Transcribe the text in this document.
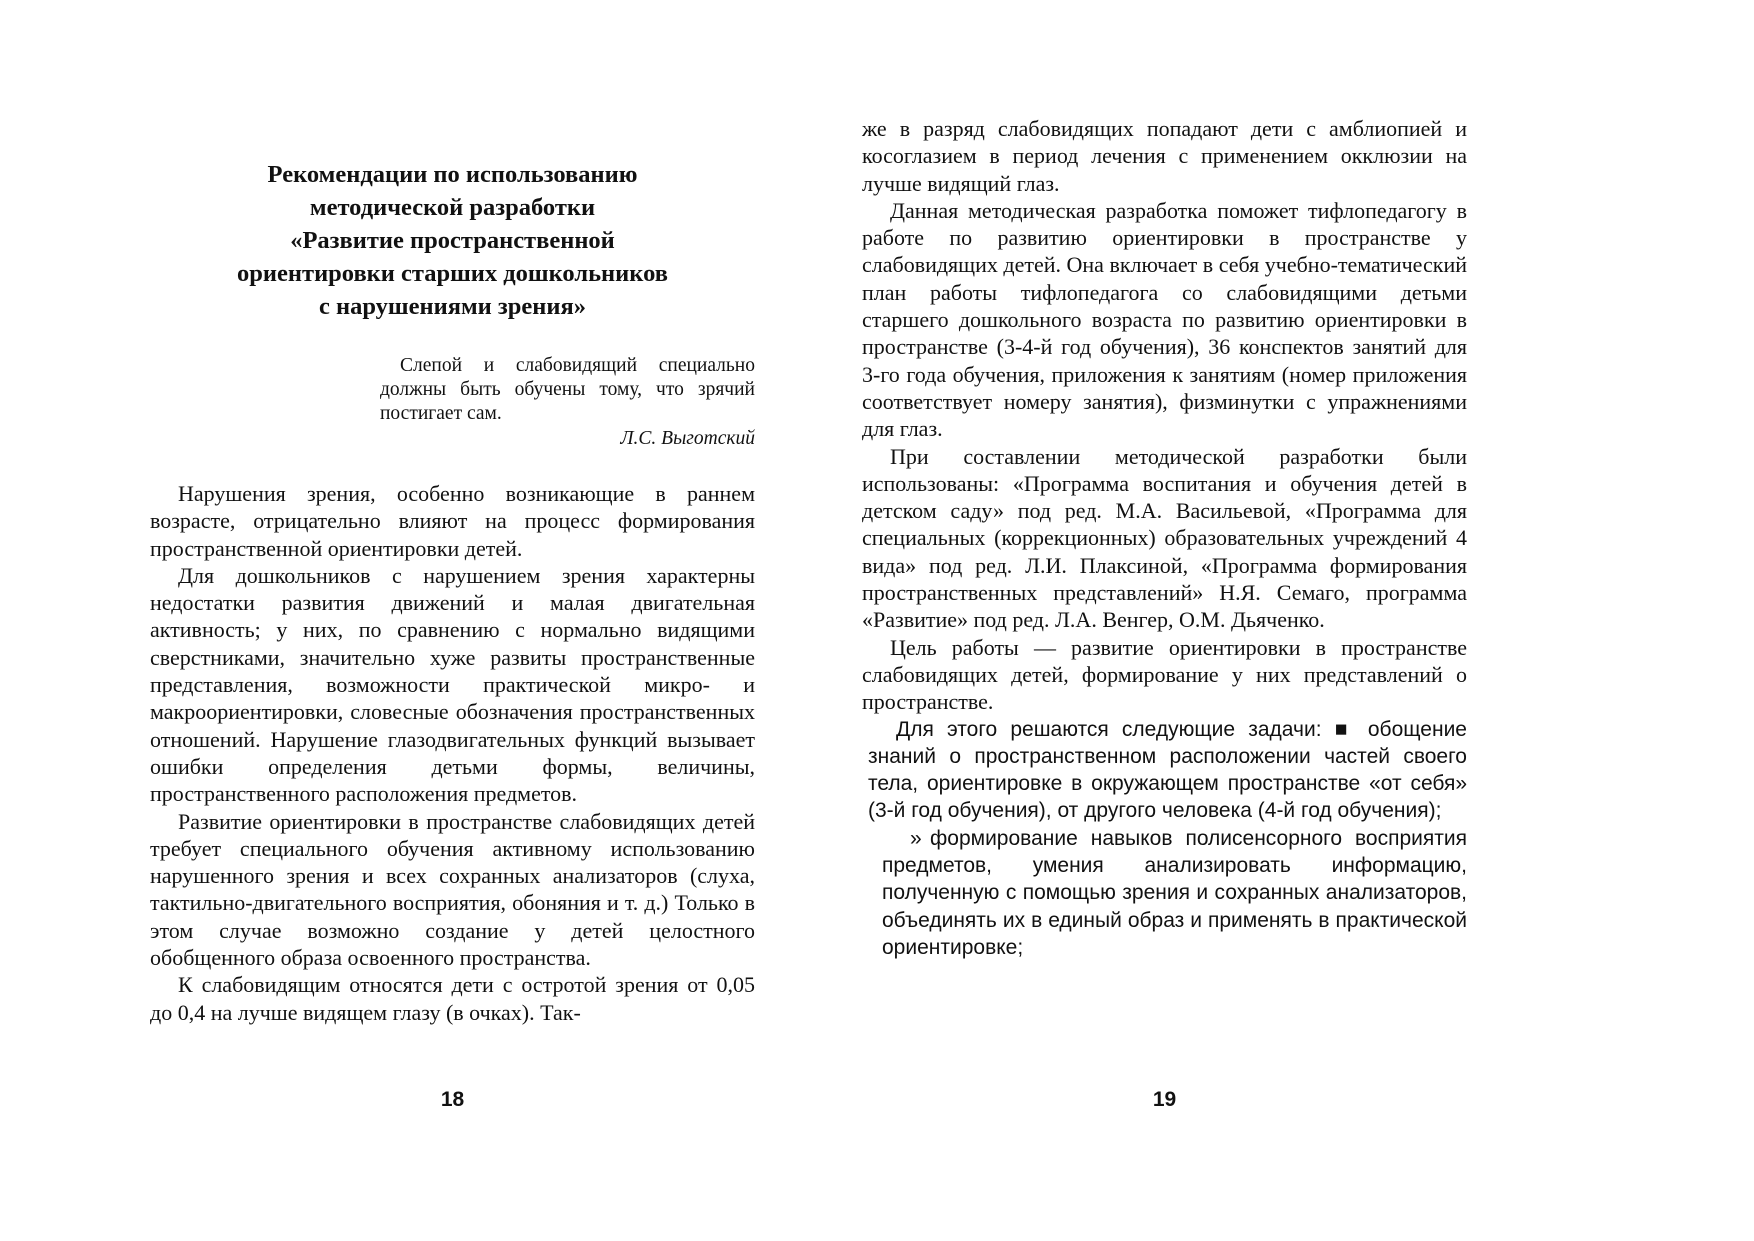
Рекомендации по использованию
методической разработки
«Развитие пространственной
ориентировки старших дошкольников
с нарушениями зрения»
Слепой и слабовидящий специально должны быть обучены тому, что зрячий постигает сам.
Л.С. Выготский

Нарушения зрения, особенно возникающие в раннем возрасте, отрицательно влияют на процесс формирования пространственной ориентировки детей.

Для дошкольников с нарушением зрения характерны недостатки развития движений и малая двигательная активность; у них, по сравнению с нормально видящими сверстниками, значительно хуже развиты пространственные представления, возможности практической микро- и макроориентировки, словесные обозначения пространственных отношений. Нарушение глазодвигательных функций вызывает ошибки определения детьми формы, величины, пространственного расположения предметов.

Развитие ориентировки в пространстве слабовидящих детей требует специального обучения активному использованию нарушенного зрения и всех сохранных анализаторов (слуха, тактильно-двигательного восприятия, обоняния и т. д.) Только в этом случае возможно создание у детей целостного обобщенного образа освоенного пространства.

К слабовидящим относятся дети с остротой зрения от 0,05 до 0,4 на лучше видящем глазу (в очках). Так-

18

же в разряд слабовидящих попадают дети с амблиопией и косоглазием в период лечения с применением окклюзии на лучше видящий глаз.

Данная методическая разработка поможет тифлопедагогу в работе по развитию ориентировки в пространстве у слабовидящих детей. Она включает в себя учебно-тематический план работы тифлопедагога со слабовидящими детьми старшего дошкольного возраста по развитию ориентировки в пространстве (3-4-й год обучения), 36 конспектов занятий для 3-го года обучения, приложения к занятиям (номер приложения соответствует номеру занятия), физминутки с упражнениями для глаз.

При составлении методической разработки были использованы: «Программа воспитания и обучения детей в детском саду» под ред. М.А. Васильевой, «Программа для специальных (коррекционных) образовательных учреждений 4 вида» под ред. Л.И. Плаксиной, «Программа формирования пространственных представлений» Н.Я. Семаго, программа «Развитие» под ред. Л.А. Венгер, О.М. Дьяченко.

Цель работы — развитие ориентировки в пространстве слабовидящих детей, формирование у них представлений о пространстве.

Для этого решаются следующие задачи: ■ обощение знаний о пространственном расположении частей своего тела, ориентировке в окружающем пространстве «от себя» (3-й год обучения), от другого человека (4-й год обучения);

» формирование навыков полисенсорного восприятия предметов, умения анализировать информацию, полученную с помощью зрения и сохранных анализаторов, объединять их в единый образ и применять в практической ориентировке;

19
